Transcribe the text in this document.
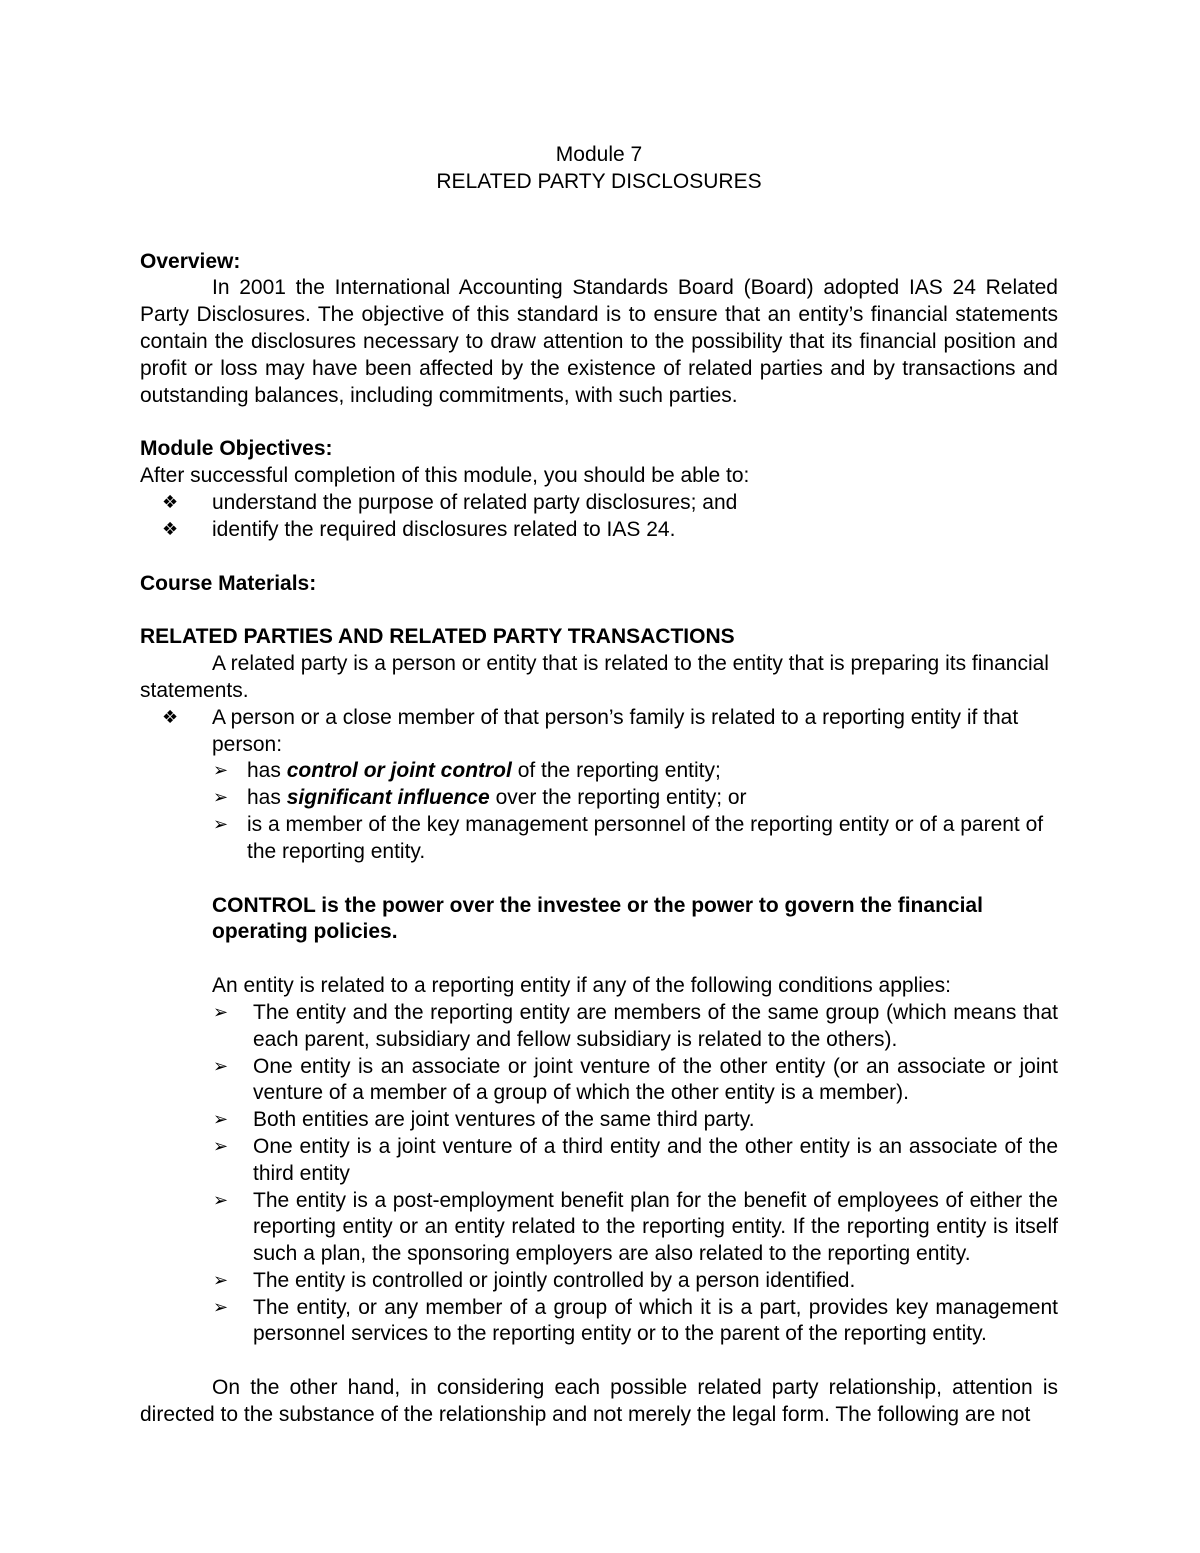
Module 7

RELATED PARTY DISCLOSURES

Overview:

In 2001 the International Accounting Standards Board (Board) adopted IAS 24 Related Party Disclosures. The objective of this standard is to ensure that an entity’s financial statements contain the disclosures necessary to draw attention to the possibility that its financial position and profit or loss may have been affected by the existence of related parties and by transactions and outstanding balances, including commitments, with such parties.

Module Objectives:

After successful completion of this module, you should be able to:

❖ understand the purpose of related party disclosures; and

❖ identify the required disclosures related to IAS 24.

Course Materials:

RELATED PARTIES AND RELATED PARTY TRANSACTIONS

A related party is a person or entity that is related to the entity that is preparing its financial statements.

❖ A person or a close member of that person’s family is related to a reporting entity if that person:

➢ has control or joint control of the reporting entity;

➢ has significant influence over the reporting entity; or

➢ is a member of the key management personnel of the reporting entity or of a parent of the reporting entity.

CONTROL is the power over the investee or the power to govern the financial operating policies.

An entity is related to a reporting entity if any of the following conditions applies:

➢ The entity and the reporting entity are members of the same group (which means that each parent, subsidiary and fellow subsidiary is related to the others).

➢ One entity is an associate or joint venture of the other entity (or an associate or joint venture of a member of a group of which the other entity is a member).

➢ Both entities are joint ventures of the same third party.

➢ One entity is a joint venture of a third entity and the other entity is an associate of the third entity

➢ The entity is a post-employment benefit plan for the benefit of employees of either the reporting entity or an entity related to the reporting entity. If the reporting entity is itself such a plan, the sponsoring employers are also related to the reporting entity.

➢ The entity is controlled or jointly controlled by a person identified.

➢ The entity, or any member of a group of which it is a part, provides key management personnel services to the reporting entity or to the parent of the reporting entity.

On the other hand, in considering each possible related party relationship, attention is directed to the substance of the relationship and not merely the legal form. The following are not
